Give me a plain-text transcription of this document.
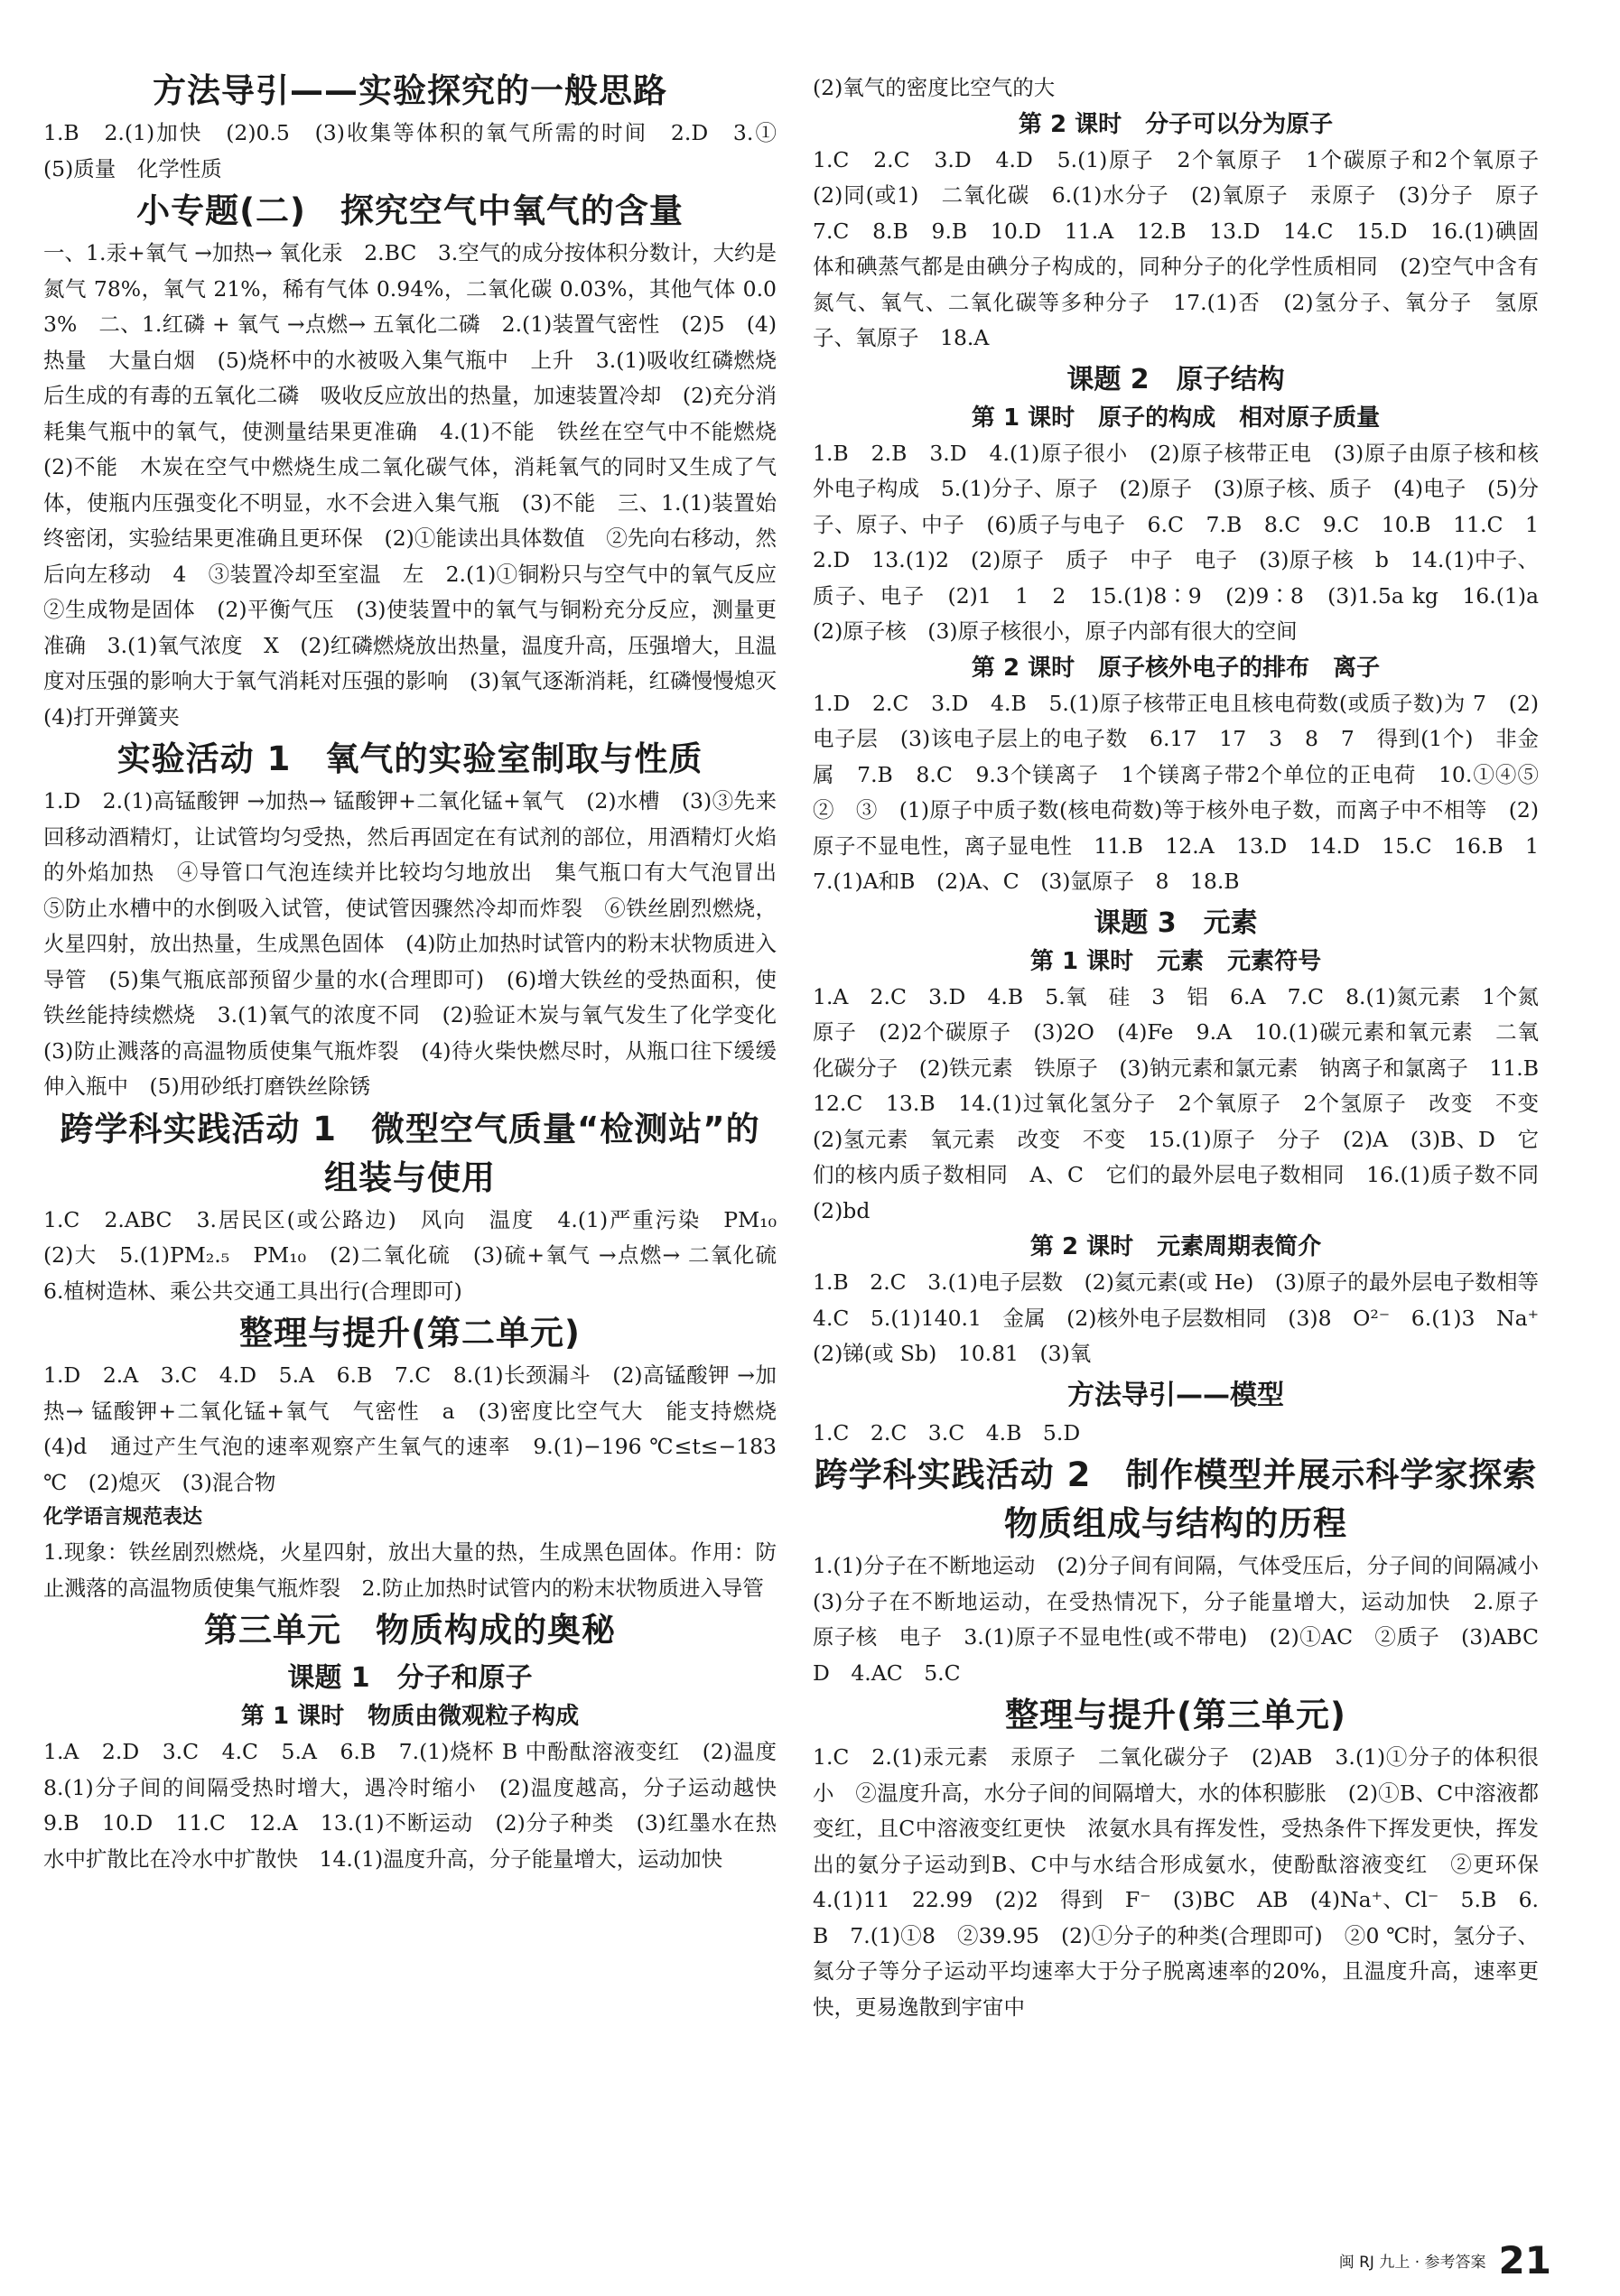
方法导引——实验探究的一般思路
1.B　2.(1)加快　(2)0.5　(3)收集等体积的氧气所需的时间　2.D　3.①　(5)质量　化学性质
小专题(二)　探究空气中氧气的含量
一、1.汞+氧气 →加热→ 氧化汞　2.BC　3.空气的成分按体积分数计，大约是氮气 78%，氧气 21%，稀有气体 0.94%，二氧化碳 0.03%，其他气体 0.03%　二、1.红磷 + 氧气 →点燃→ 五氧化二磷　2.(1)装置气密性　(2)5　(4)热量　大量白烟　(5)烧杯中的水被吸入集气瓶中　上升　3.(1)吸收红磷燃烧后生成的有毒的五氧化二磷　吸收反应放出的热量，加速装置冷却　(2)充分消耗集气瓶中的氧气，使测量结果更准确　4.(1)不能　铁丝在空气中不能燃烧　(2)不能　木炭在空气中燃烧生成二氧化碳气体，消耗氧气的同时又生成了气体，使瓶内压强变化不明显，水不会进入集气瓶　(3)不能　三、1.(1)装置始终密闭，实验结果更准确且更环保　(2)①能读出具体数值　②先向右移动，然后向左移动　4　③装置冷却至室温　左　2.(1)①铜粉只与空气中的氧气反应　②生成物是固体　(2)平衡气压　(3)使装置中的氧气与铜粉充分反应，测量更准确　3.(1)氧气浓度　X　(2)红磷燃烧放出热量，温度升高，压强增大，且温度对压强的影响大于氧气消耗对压强的影响　(3)氧气逐渐消耗，红磷慢慢熄灭　(4)打开弹簧夹
实验活动 1　氧气的实验室制取与性质
1.D　2.(1)高锰酸钾 →加热→ 锰酸钾+二氧化锰+氧气　(2)水槽　(3)③先来回移动酒精灯，让试管均匀受热，然后再固定在有试剂的部位，用酒精灯火焰的外焰加热　④导管口气泡连续并比较均匀地放出　集气瓶口有大气泡冒出　⑤防止水槽中的水倒吸入试管，使试管因骤然冷却而炸裂　⑥铁丝剧烈燃烧，火星四射，放出热量，生成黑色固体　(4)防止加热时试管内的粉末状物质进入导管　(5)集气瓶底部预留少量的水(合理即可)　(6)增大铁丝的受热面积，使铁丝能持续燃烧　3.(1)氧气的浓度不同　(2)验证木炭与氧气发生了化学变化　(3)防止溅落的高温物质使集气瓶炸裂　(4)待火柴快燃尽时，从瓶口往下缓缓伸入瓶中　(5)用砂纸打磨铁丝除锈
跨学科实践活动 1　微型空气质量“检测站”的组装与使用
1.C　2.ABC　3.居民区(或公路边)　风向　温度　4.(1)严重污染　PM₁₀　(2)大　5.(1)PM₂.₅　PM₁₀　(2)二氧化硫　(3)硫+氧气 →点燃→ 二氧化硫　6.植树造林、乘公共交通工具出行(合理即可)
整理与提升(第二单元)
1.D　2.A　3.C　4.D　5.A　6.B　7.C　8.(1)长颈漏斗　(2)高锰酸钾 →加热→ 锰酸钾+二氧化锰+氧气　气密性　a　(3)密度比空气大　能支持燃烧　(4)d　通过产生气泡的速率观察产生氧气的速率　9.(1)−196 ℃≤t≤−183 ℃　(2)熄灭　(3)混合物
化学语言规范表达
1.现象：铁丝剧烈燃烧，火星四射，放出大量的热，生成黑色固体。作用：防止溅落的高温物质使集气瓶炸裂　2.防止加热时试管内的粉末状物质进入导管
第三单元　物质构成的奥秘
课题 1　分子和原子
第 1 课时　物质由微观粒子构成
1.A　2.D　3.C　4.C　5.A　6.B　7.(1)烧杯 B 中酚酞溶液变红　(2)温度　8.(1)分子间的间隔受热时增大，遇冷时缩小　(2)温度越高，分子运动越快　9.B　10.D　11.C　12.A　13.(1)不断运动　(2)分子种类　(3)红墨水在热水中扩散比在冷水中扩散快　14.(1)温度升高，分子能量增大，运动加快
(2)氧气的密度比空气的大
第 2 课时　分子可以分为原子
1.C　2.C　3.D　4.D　5.(1)原子　2个氧原子　1个碳原子和2个氧原子　(2)同(或1)　二氧化碳　6.(1)水分子　(2)氧原子　汞原子　(3)分子　原子　7.C　8.B　9.B　10.D　11.A　12.B　13.D　14.C　15.D　16.(1)碘固体和碘蒸气都是由碘分子构成的，同种分子的化学性质相同　(2)空气中含有氮气、氧气、二氧化碳等多种分子　17.(1)否　(2)氢分子、氧分子　氢原子、氧原子　18.A
课题 2　原子结构
第 1 课时　原子的构成　相对原子质量
1.B　2.B　3.D　4.(1)原子很小　(2)原子核带正电　(3)原子由原子核和核外电子构成　5.(1)分子、原子　(2)原子　(3)原子核、质子　(4)电子　(5)分子、原子、中子　(6)质子与电子　6.C　7.B　8.C　9.C　10.B　11.C　12.D　13.(1)2　(2)原子　质子　中子　电子　(3)原子核　b　14.(1)中子、质子、电子　(2)1　1　2　15.(1)8∶9　(2)9∶8　(3)1.5a kg　16.(1)a　(2)原子核　(3)原子核很小，原子内部有很大的空间
第 2 课时　原子核外电子的排布　离子
1.D　2.C　3.D　4.B　5.(1)原子核带正电且核电荷数(或质子数)为 7　(2)电子层　(3)该电子层上的电子数　6.17　17　3　8　7　得到(1个)　非金属　7.B　8.C　9.3个镁离子　1个镁离子带2个单位的正电荷　10.①④⑤　②　③　(1)原子中质子数(核电荷数)等于核外电子数，而离子中不相等　(2)原子不显电性，离子显电性　11.B　12.A　13.D　14.D　15.C　16.B　17.(1)A和B　(2)A、C　(3)氩原子　8　18.B
课题 3　元素
第 1 课时　元素　元素符号
1.A　2.C　3.D　4.B　5.氧　硅　3　铝　6.A　7.C　8.(1)氮元素　1个氮原子　(2)2个碳原子　(3)2O　(4)Fe　9.A　10.(1)碳元素和氧元素　二氧化碳分子　(2)铁元素　铁原子　(3)钠元素和氯元素　钠离子和氯离子　11.B　12.C　13.B　14.(1)过氧化氢分子　2个氧原子　2个氢原子　改变　不变　(2)氢元素　氧元素　改变　不变　15.(1)原子　分子　(2)A　(3)B、D　它们的核内质子数相同　A、C　它们的最外层电子数相同　16.(1)质子数不同　(2)bd
第 2 课时　元素周期表简介
1.B　2.C　3.(1)电子层数　(2)氦元素(或 He)　(3)原子的最外层电子数相等　4.C　5.(1)140.1　金属　(2)核外电子层数相同　(3)8　O²⁻　6.(1)3　Na⁺　(2)锑(或 Sb)　10.81　(3)氧
方法导引——模型
1.C　2.C　3.C　4.B　5.D
跨学科实践活动 2　制作模型并展示科学家探索物质组成与结构的历程
1.(1)分子在不断地运动　(2)分子间有间隔，气体受压后，分子间的间隔减小　(3)分子在不断地运动，在受热情况下，分子能量增大，运动加快　2.原子　原子核　电子　3.(1)原子不显电性(或不带电)　(2)①AC　②质子　(3)ABCD　4.AC　5.C
整理与提升(第三单元)
1.C　2.(1)汞元素　汞原子　二氧化碳分子　(2)AB　3.(1)①分子的体积很小　②温度升高，水分子间的间隔增大，水的体积膨胀　(2)①B、C中溶液都变红，且C中溶液变红更快　浓氨水具有挥发性，受热条件下挥发更快，挥发出的氨分子运动到B、C中与水结合形成氨水，使酚酞溶液变红　②更环保　4.(1)11　22.99　(2)2　得到　F⁻　(3)BC　AB　(4)Na⁺、Cl⁻　5.B　6.B　7.(1)①8　②39.95　(2)①分子的种类(合理即可)　②0 ℃时，氢分子、氦分子等分子运动平均速率大于分子脱离速率的20%，且温度升高，速率更快，更易逸散到宇宙中
闽 RJ 九上 · 参考答案 21
